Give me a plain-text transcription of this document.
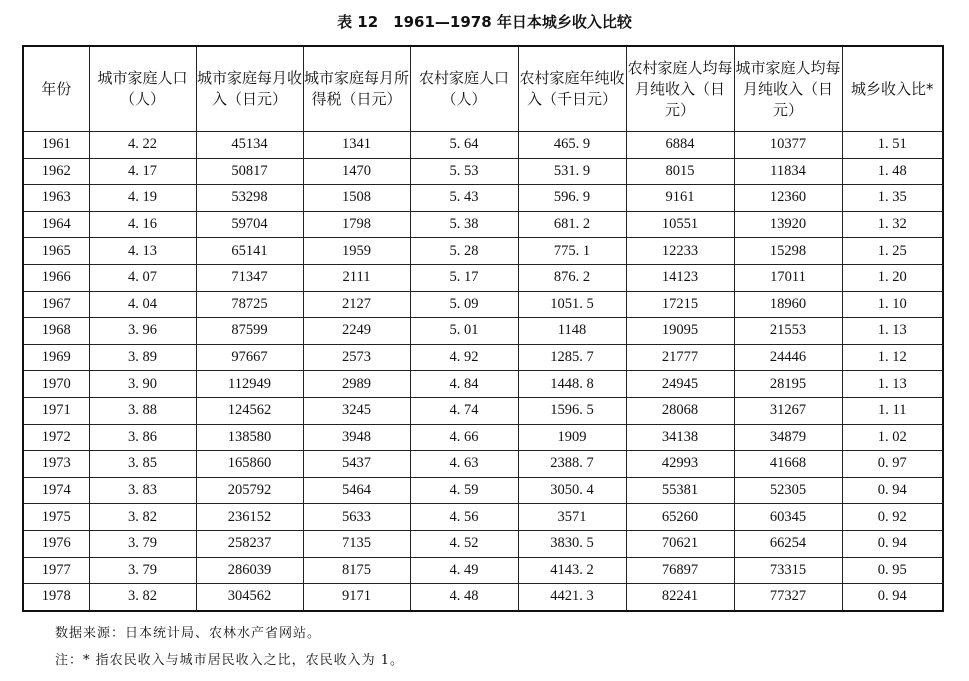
表 12　1961—1978 年日本城乡收入比较
年份	城市家庭人口（人）	城市家庭每月收入（日元）	城市家庭每月所得税（日元）	农村家庭人口（人）	农村家庭年纯收入（千日元）	农村家庭人均每月纯收入（日元）	城市家庭人均每月纯收入（日元）	城乡收入比*
1961	4. 22	45134	1341	5. 64	465. 9	6884	10377	1. 51
1962	4. 17	50817	1470	5. 53	531. 9	8015	11834	1. 48
1963	4. 19	53298	1508	5. 43	596. 9	9161	12360	1. 35
1964	4. 16	59704	1798	5. 38	681. 2	10551	13920	1. 32
1965	4. 13	65141	1959	5. 28	775. 1	12233	15298	1. 25
1966	4. 07	71347	2111	5. 17	876. 2	14123	17011	1. 20
1967	4. 04	78725	2127	5. 09	1051. 5	17215	18960	1. 10
1968	3. 96	87599	2249	5. 01	1148	19095	21553	1. 13
1969	3. 89	97667	2573	4. 92	1285. 7	21777	24446	1. 12
1970	3. 90	112949	2989	4. 84	1448. 8	24945	28195	1. 13
1971	3. 88	124562	3245	4. 74	1596. 5	28068	31267	1. 11
1972	3. 86	138580	3948	4. 66	1909	34138	34879	1. 02
1973	3. 85	165860	5437	4. 63	2388. 7	42993	41668	0. 97
1974	3. 83	205792	5464	4. 59	3050. 4	55381	52305	0. 94
1975	3. 82	236152	5633	4. 56	3571	65260	60345	0. 92
1976	3. 79	258237	7135	4. 52	3830. 5	70621	66254	0. 94
1977	3. 79	286039	8175	4. 49	4143. 2	76897	73315	0. 95
1978	3. 82	304562	9171	4. 48	4421. 3	82241	77327	0. 94
数据来源：日本统计局、农林水产省网站。
注：* 指农民收入与城市居民收入之比，农民收入为 1。
